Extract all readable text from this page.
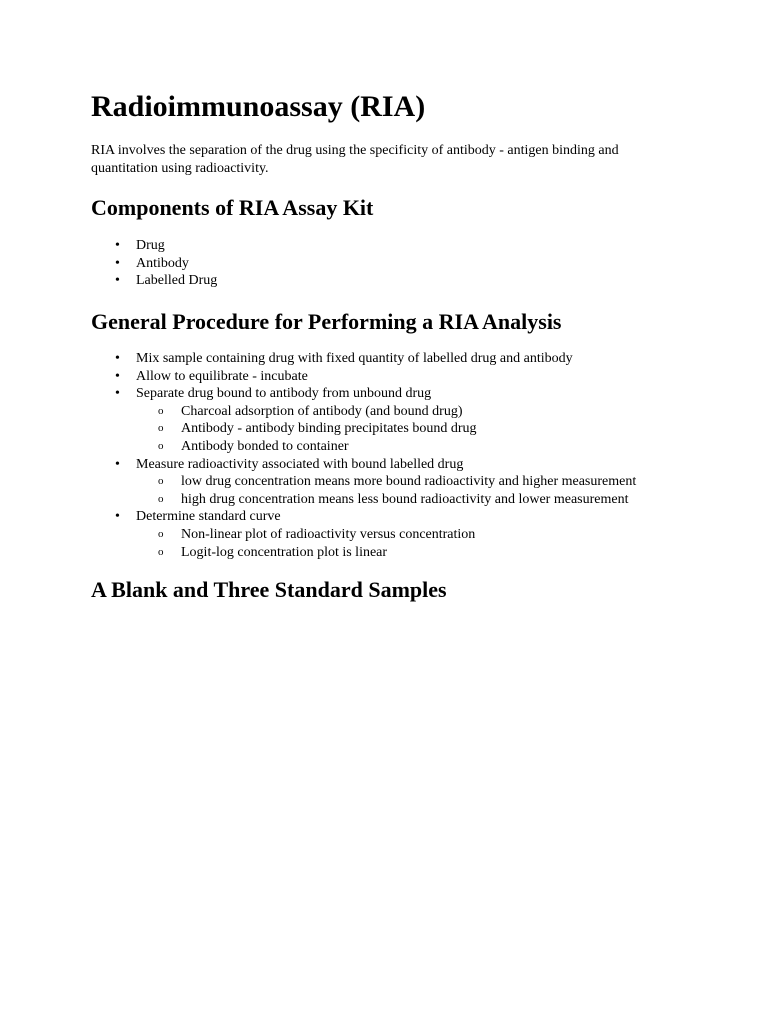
Radioimmunoassay (RIA)

RIA involves the separation of the drug using the specificity of antibody - antigen binding and quantitation using radioactivity.

Components of RIA Assay Kit
• Drug
• Antibody
• Labelled Drug
General Procedure for Performing a RIA Analysis
• Mix sample containing drug with fixed quantity of labelled drug and antibody
• Allow to equilibrate - incubate
• Separate drug bound to antibody from unbound drug
o Charcoal adsorption of antibody (and bound drug)
o Antibody - antibody binding precipitates bound drug
o Antibody bonded to container
• Measure radioactivity associated with bound labelled drug
o low drug concentration means more bound radioactivity and higher measurement
o high drug concentration means less bound radioactivity and lower measurement
• Determine standard curve
o Non-linear plot of radioactivity versus concentration
o Logit-log concentration plot is linear
A Blank and Three Standard Samples
